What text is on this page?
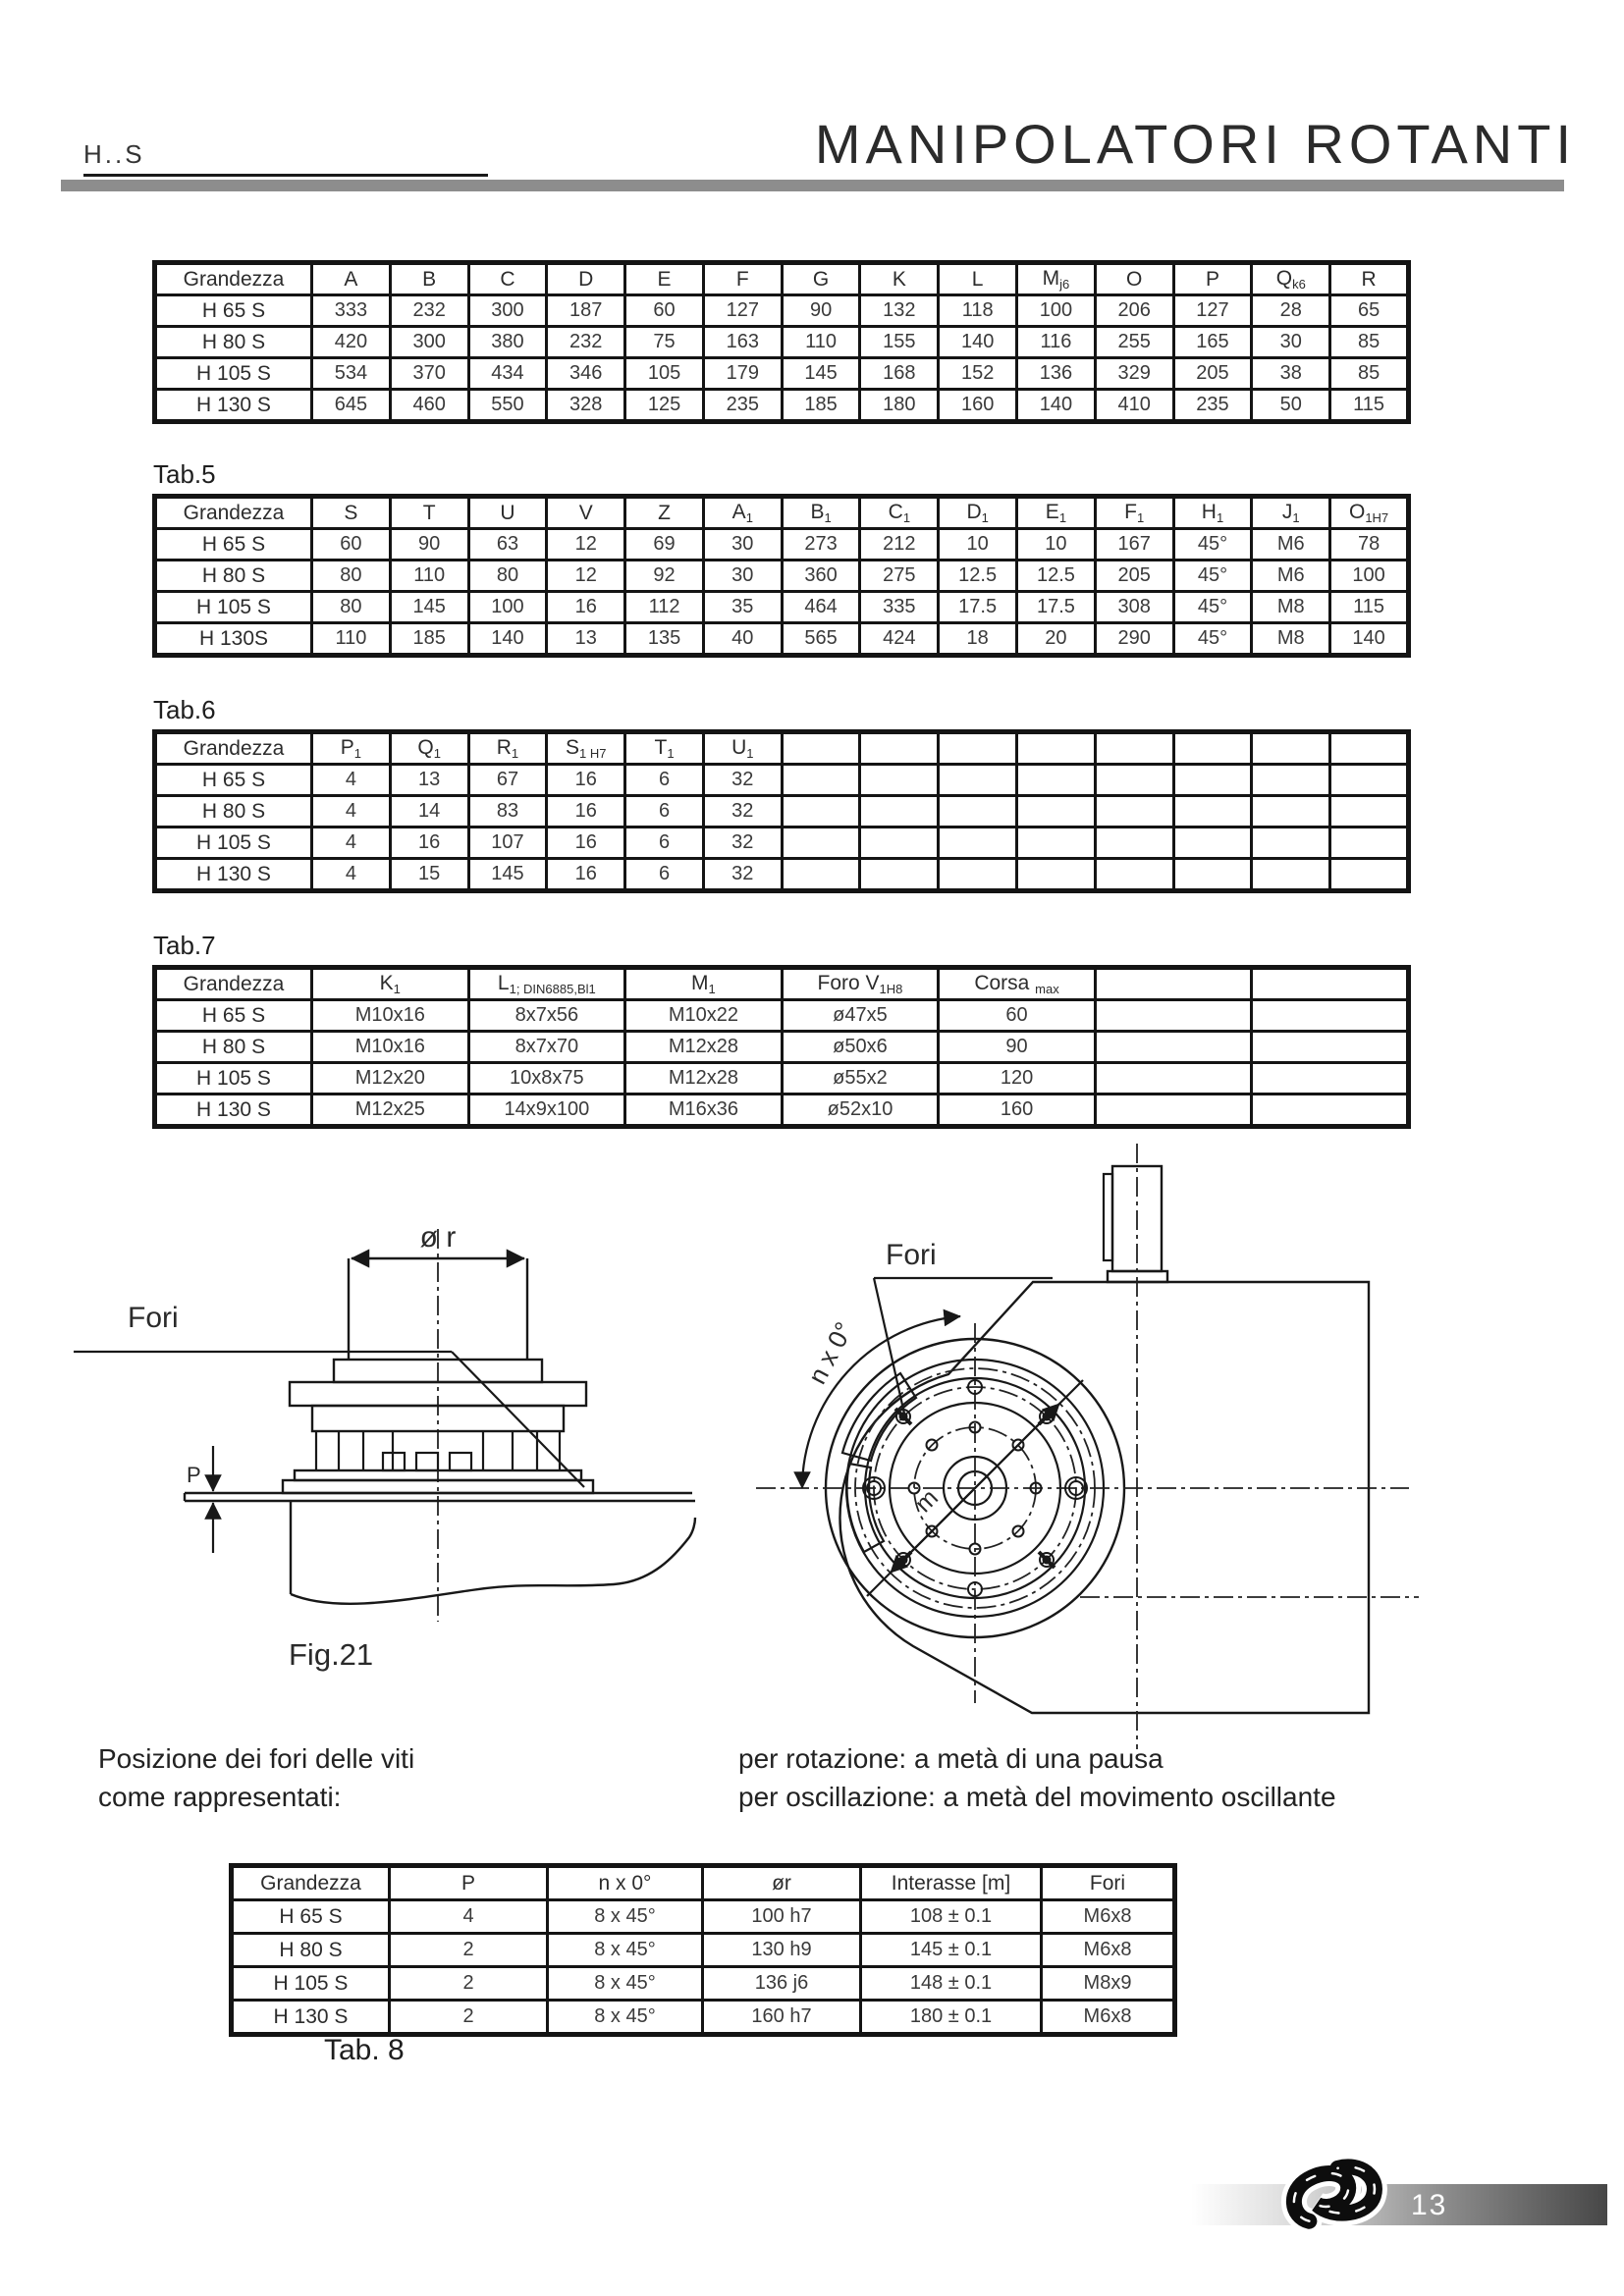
H..S	MANIPOLATORI ROTANTI
Grandezza	A	B	C	D	E	F	G	K	L	$M_{j6}$	O	P	$Q_{k6}$	R
H 65 S	333	232	300	187	60	127	90	132	118	100	206	127	28	65
H 80 S	420	300	380	232	75	163	110	155	140	116	255	165	30	85
H 105 S	534	370	434	346	105	179	145	168	152	136	329	205	38	85
H 130 S	645	460	550	328	125	235	185	180	160	140	410	235	50	115
Tab.5
Grandezza	S	T	U	V	Z	$A_1$	$B_1$	$C_1$	$D_1$	$E_1$	$F_1$	$H_1$	$J_1$	$O_{1H7}$
H 65 S	60	90	63	12	69	30	273	212	10	10	167	45°	M6	78
H 80 S	80	110	80	12	92	30	360	275	12.5	12.5	205	45°	M6	100
H 105 S	80	145	100	16	112	35	464	335	17.5	17.5	308	45°	M8	115
H 130S	110	185	140	13	135	40	565	424	18	20	290	45°	M8	140
Tab.6
Grandezza	$P_1$	$Q_1$	$R_1$	$S_{1 H7}$	$T_1$	$U_1$								
H 65 S	4	13	67	16	6	32								
H 80 S	4	14	83	16	6	32								
H 105 S	4	16	107	16	6	32								
H 130 S	4	15	145	16	6	32								
Tab.7
Grandezza	$K_1$	$L_{1; DIN6885,Bl1}$	$M_1$	Foro $V_{1H8}$	Corsa $_{max}$		
H 65 S	M10x16	8x7x56	M10x22	ø47x5	60		
H 80 S	M10x16	8x7x70	M12x28	ø50x6	90		
H 105 S	M12x20	10x8x75	M12x28	ø55x2	120		
H 130 S	M12x25	14x9x100	M16x36	ø52x10	160		
ø r
Fori
P
Fig.21
n x 0°
m
Fori
Posizione dei fori delle viti
come rappresentati:
per rotazione: a metà di una pausa
per oscillazione: a metà del movimento oscillante
Grandezza	P	n x 0°	ør	Interasse [m]	Fori
H 65 S	4	8 x 45°	100 h7	108 ± 0.1	M6x8
H 80 S	2	8 x 45°	130 h9	145 ± 0.1	M6x8
H 105 S	2	8 x 45°	136 j6	148 ± 0.1	M8x9
H 130 S	2	8 x 45°	160 h7	180 ± 0.1	M6x8
Tab. 8
13
